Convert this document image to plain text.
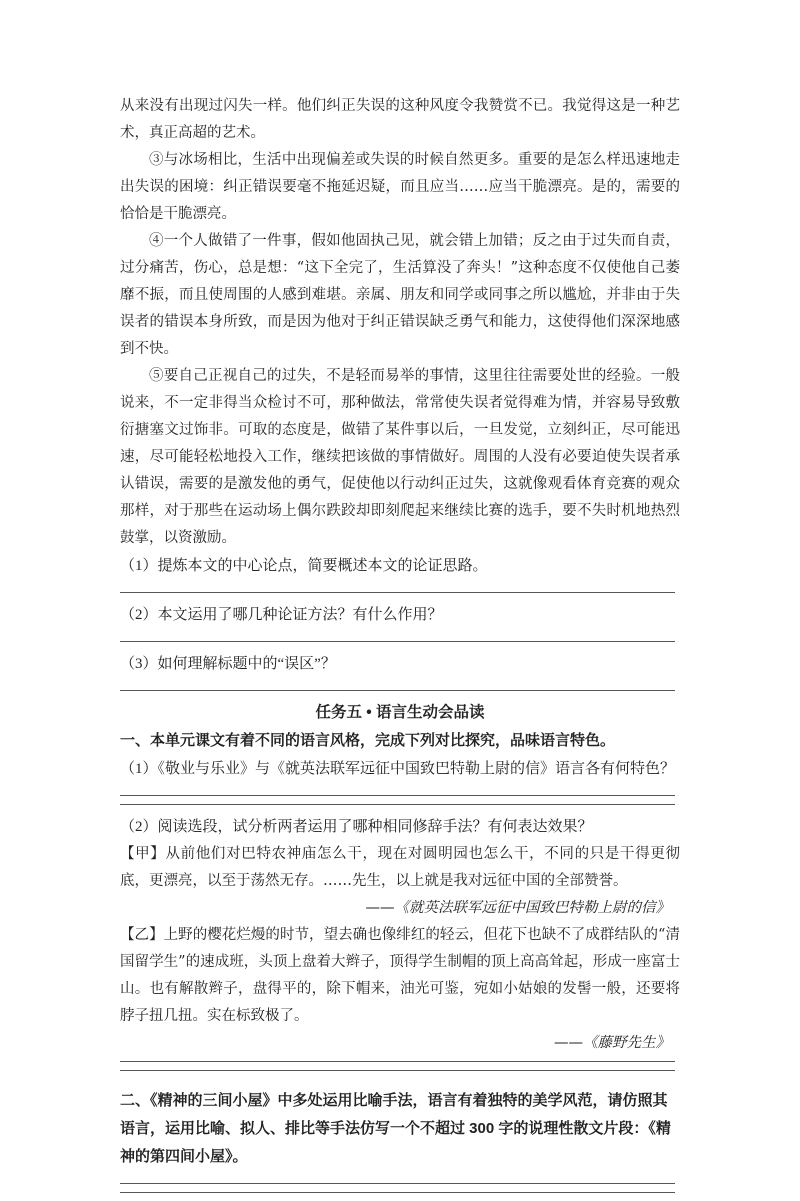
从来没有出现过闪失一样。他们纠正失误的这种风度令我赞赏不已。我觉得这是一种艺术，真正高超的艺术。

③与冰场相比，生活中出现偏差或失误的时候自然更多。重要的是怎么样迅速地走出失误的困境：纠正错误要毫不拖延迟疑，而且应当……应当干脆漂亮。是的，需要的恰恰是干脆漂亮。

④一个人做错了一件事，假如他固执己见，就会错上加错；反之由于过失而自责，过分痛苦，伤心，总是想：“这下全完了，生活算没了奔头！”这种态度不仅使他自己萎靡不振，而且使周围的人感到难堪。亲属、朋友和同学或同事之所以尴尬，并非由于失误者的错误本身所致，而是因为他对于纠正错误缺乏勇气和能力，这使得他们深深地感到不快。

⑤要自己正视自己的过失，不是轻而易举的事情，这里往往需要处世的经验。一般说来，不一定非得当众检讨不可，那种做法，常常使失误者觉得难为情，并容易导致敷衍搪塞文过饰非。可取的态度是，做错了某件事以后，一旦发觉，立刻纠正，尽可能迅速，尽可能轻松地投入工作，继续把该做的事情做好。周围的人没有必要迫使失误者承认错误，需要的是激发他的勇气，促使他以行动纠正过失，这就像观看体育竞赛的观众那样，对于那些在运动场上偶尔跌跤却即刻爬起来继续比赛的选手，要不失时机地热烈鼓掌，以资激励。

（1）提炼本文的中心论点，简要概述本文的论证思路。

（2）本文运用了哪几种论证方法？有什么作用？

（3）如何理解标题中的“误区”？

任务五 • 语言生动会品读

一、本单元课文有着不同的语言风格，完成下列对比探究，品味语言特色。

（1）《敬业与乐业》与《就英法联军远征中国致巴特勒上尉的信》语言各有何特色？

（2）阅读选段，试分析两者运用了哪种相同修辞手法？有何表达效果？

【甲】从前他们对巴特农神庙怎么干，现在对圆明园也怎么干，不同的只是干得更彻底，更漂亮，以至于荡然无存。……先生，以上就是我对远征中国的全部赞誉。

——《就英法联军远征中国致巴特勒上尉的信》

【乙】上野的樱花烂熳的时节，望去确也像绯红的轻云，但花下也缺不了成群结队的“清国留学生”的速成班，头顶上盘着大辫子，顶得学生制帽的顶上高高耸起，形成一座富士山。也有解散辫子，盘得平的，除下帽来，油光可鉴，宛如小姑娘的发髻一般，还要将脖子扭几扭。实在标致极了。

——《藤野先生》

二、《精神的三间小屋》中多处运用比喻手法，语言有着独特的美学风范，请仿照其语言，运用比喻、拟人、排比等手法仿写一个不超过 300 字的说理性散文片段：《精神的第四间小屋》。
